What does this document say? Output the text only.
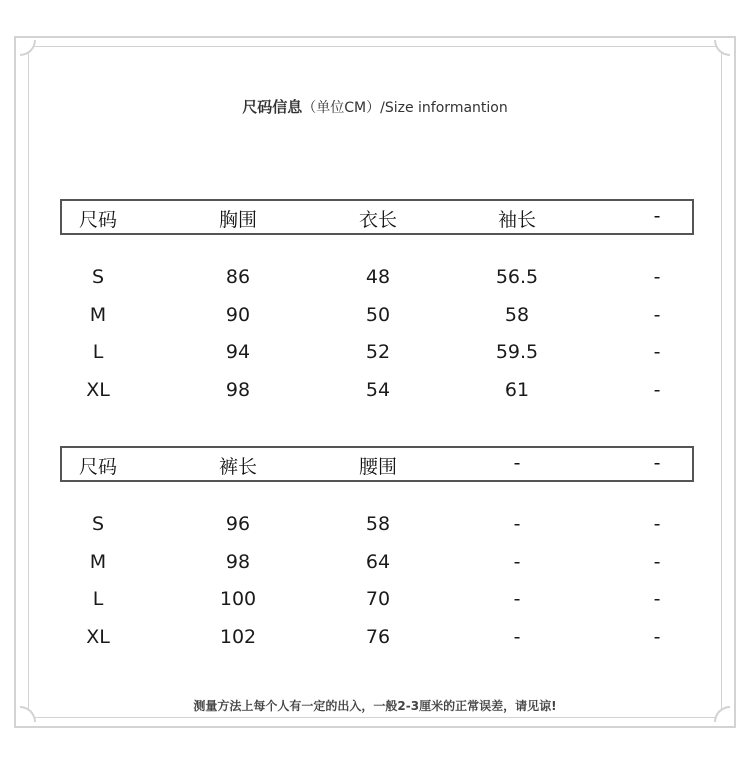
尺码信息（单位CM）/Size informantion
尺码	胸围	衣长	袖长	-
S	86	48	56.5	-
M	90	50	58	-
L	94	52	59.5	-
XL	98	54	61	-
尺码	裤长	腰围	-	-
S	96	58	-	-
M	98	64	-	-
L	100	70	-	-
XL	102	76	-	-
测量方法上每个人有一定的出入，一般2-3厘米的正常误差，请见谅!
